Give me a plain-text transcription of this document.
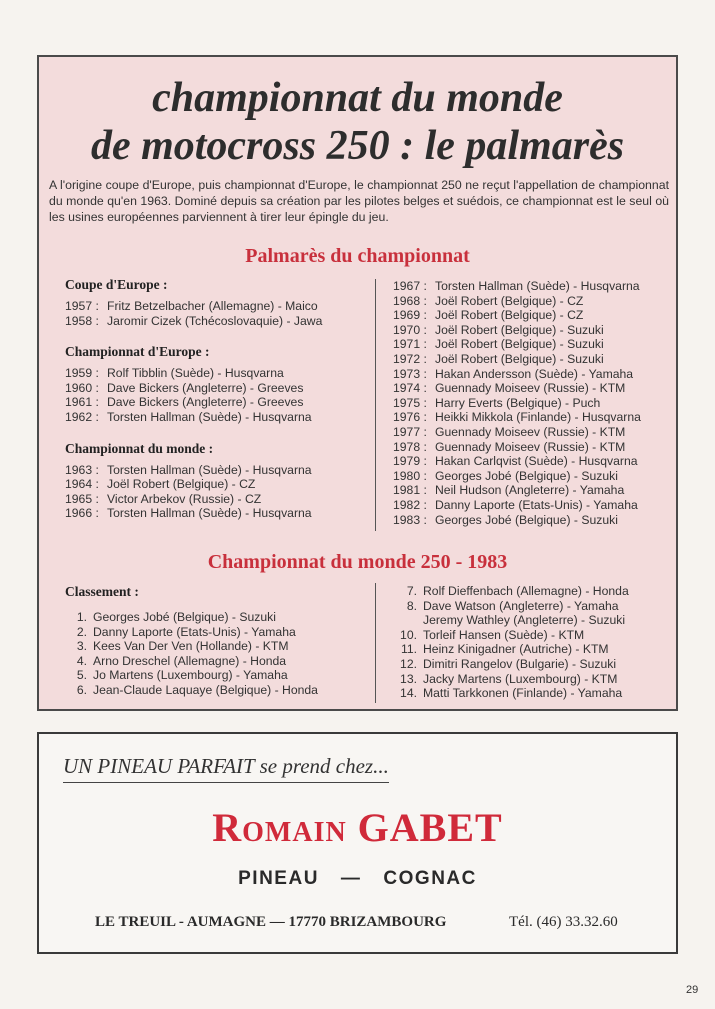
championnat du monde
de motocross 250 : le palmarès

A l'origine coupe d'Europe, puis championnat d'Europe, le championnat 250 ne reçut l'appellation de championnat du monde qu'en 1963. Dominé depuis sa création par les pilotes belges et suédois, ce championnat est le seul où les usines européennes parviennent à tirer leur épingle du jeu.

Palmarès du championnat
Coupe d'Europe :
1957 : Fritz Betzelbacher (Allemagne) - Maico
1958 : Jaromir Cizek (Tchécoslovaquie) - Jawa
Championnat d'Europe :
1959 : Rolf Tibblin (Suède) - Husqvarna
1960 : Dave Bickers (Angleterre) - Greeves
1961 : Dave Bickers (Angleterre) - Greeves
1962 : Torsten Hallman (Suède) - Husqvarna
Championnat du monde :
1963 : Torsten Hallman (Suède) - Husqvarna
1964 : Joël Robert (Belgique) - CZ
1965 : Victor Arbekov (Russie) - CZ
1966 : Torsten Hallman (Suède) - Husqvarna
1967 : Torsten Hallman (Suède) - Husqvarna
1968 : Joël Robert (Belgique) - CZ
1969 : Joël Robert (Belgique) - CZ
1970 : Joël Robert (Belgique) - Suzuki
1971 : Joël Robert (Belgique) - Suzuki
1972 : Joël Robert (Belgique) - Suzuki
1973 : Hakan Andersson (Suède) - Yamaha
1974 : Guennady Moiseev (Russie) - KTM
1975 : Harry Everts (Belgique) - Puch
1976 : Heikki Mikkola (Finlande) - Husqvarna
1977 : Guennady Moiseev (Russie) - KTM
1978 : Guennady Moiseev (Russie) - KTM
1979 : Hakan Carlqvist (Suède) - Husqvarna
1980 : Georges Jobé (Belgique) - Suzuki
1981 : Neil Hudson (Angleterre) - Yamaha
1982 : Danny Laporte (Etats-Unis) - Yamaha
1983 : Georges Jobé (Belgique) - Suzuki
Championnat du monde 250 - 1983
Classement :
1. Georges Jobé (Belgique) - Suzuki
2. Danny Laporte (Etats-Unis) - Yamaha
3. Kees Van Der Ven (Hollande) - KTM
4. Arno Dreschel (Allemagne) - Honda
5. Jo Martens (Luxembourg) - Yamaha
6. Jean-Claude Laquaye (Belgique) - Honda
7. Rolf Dieffenbach (Allemagne) - Honda
8. Dave Watson (Angleterre) - Yamaha
Jeremy Wathley (Angleterre) - Suzuki
10. Torleif Hansen (Suède) - KTM
11. Heinz Kinigadner (Autriche) - KTM
12. Dimitri Rangelov (Bulgarie) - Suzuki
13. Jacky Martens (Luxembourg) - KTM
14. Matti Tarkkonen (Finlande) - Yamaha

UN PINEAU PARFAIT se prend chez...

Romain GABET

PINEAU — COGNAC

LE TREUIL - AUMAGNE — 17770 BRIZAMBOURG	Tél. (46) 33.32.60

29
